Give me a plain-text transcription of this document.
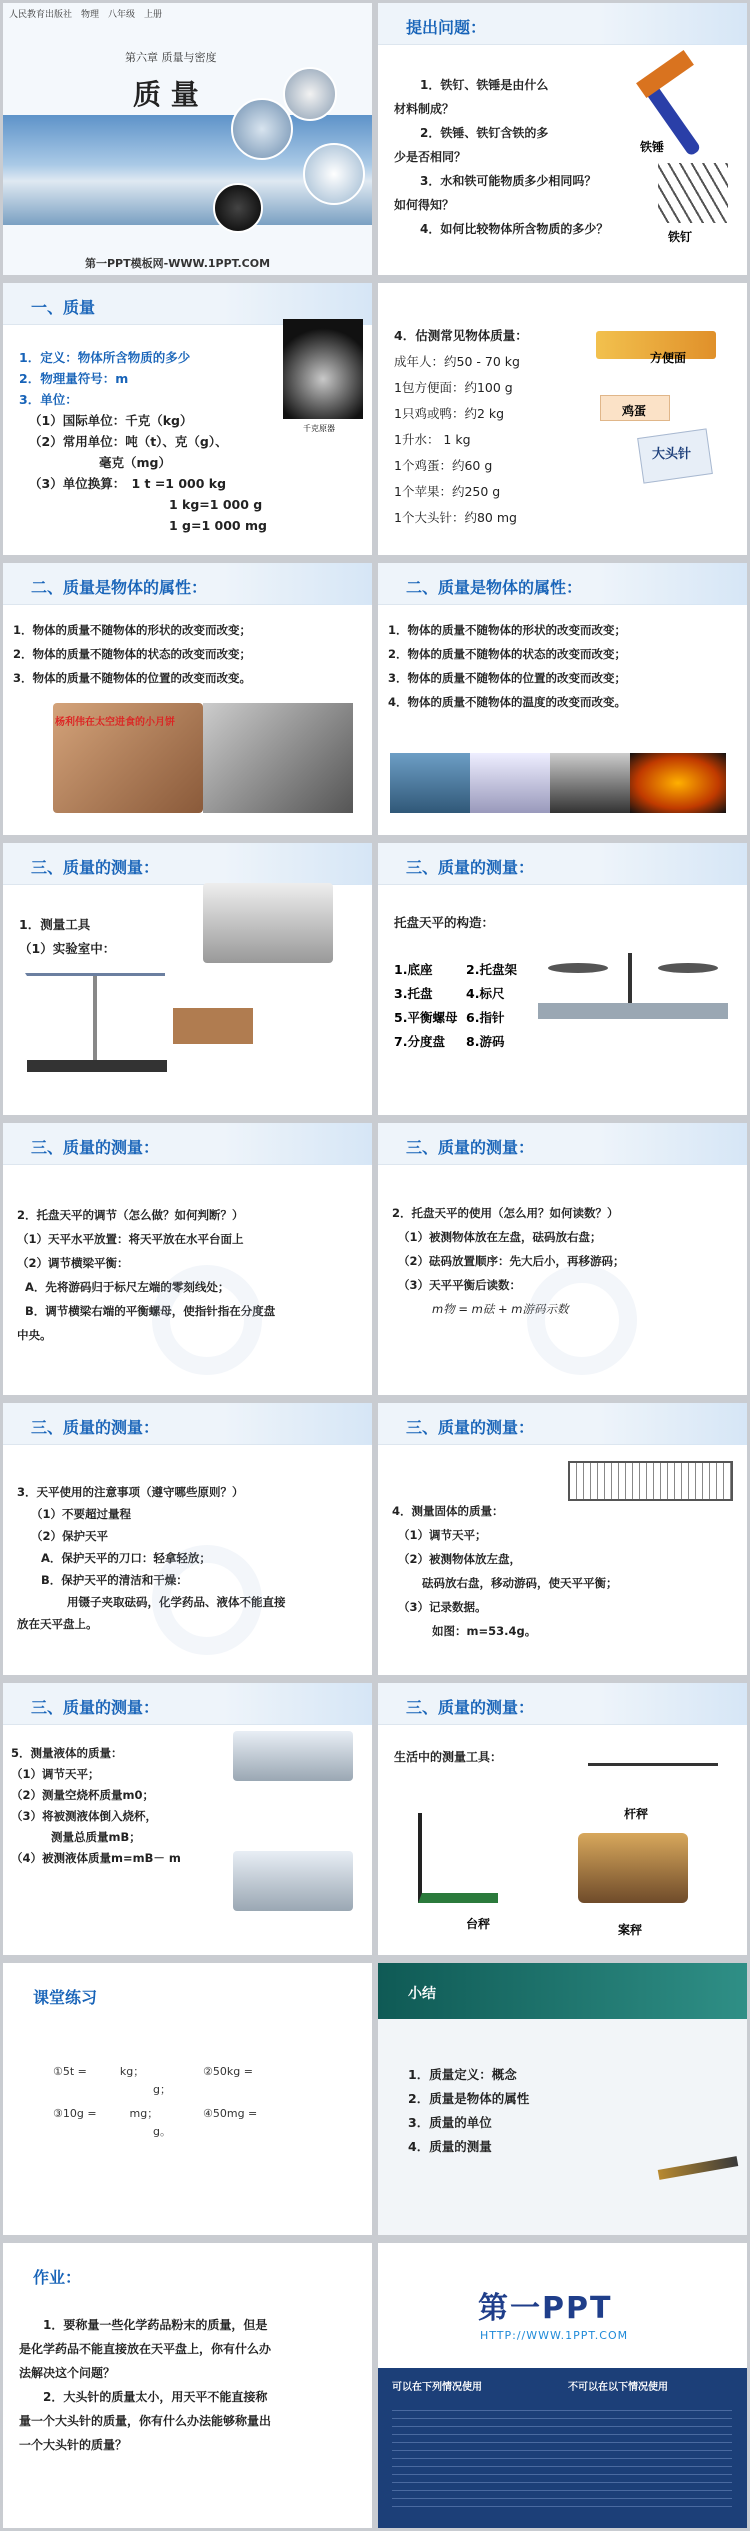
人民教育出版社　物理　八年级　上册
第六章 质量与密度
质 量
第一PPT模板网-WWW.1PPT.COM
提出问题：
1．铁钉、铁锤是由什么
材料制成？
2．铁锤、铁钉含铁的多
少是否相同？
3．水和铁可能物质多少相同吗？
如何得知？
4．如何比较物体所含物质的多少？
铁锤
铁钉
一、质量
1．定义：物体所含物质的多少
2．物理量符号：m
3．单位：
（1）国际单位：千克（kg）
（2）常用单位：吨（t）、克（g）、
毫克（mg）
（3）单位换算：　1 t =1 000 kg
1 kg=1 000 g
1 g=1 000 mg
千克原器
4．估测常见物体质量：
成年人：约50 - 70 kg
1包方便面：约100 g
1只鸡或鸭：约2 kg
1升水： 1 kg
1个鸡蛋：约60 g
1个苹果：约250 g
1个大头针：约80 mg
方便面
鸡蛋
大头针
二、质量是物体的属性：
1．物体的质量不随物体的形状的改变而改变；
2．物体的质量不随物体的状态的改变而改变；
3．物体的质量不随物体的位置的改变而改变。
杨利伟在太空进食的小月饼
二、质量是物体的属性：
1．物体的质量不随物体的形状的改变而改变；
2．物体的质量不随物体的状态的改变而改变；
3．物体的质量不随物体的位置的改变而改变；
4．物体的质量不随物体的温度的改变而改变。
三、质量的测量：
1．测量工具
（1）实验室中：
三、质量的测量：
托盘天平的构造：
1.底座	2.托盘架
3.托盘	4.标尺
5.平衡螺母 6.指针
7.分度盘 8.游码
三、质量的测量：
2．托盘天平的调节（怎么做？如何判断？）
（1）天平水平放置：将天平放在水平台面上
（2）调节横梁平衡：
A．先将游码归于标尺左端的零刻线处；
B．调节横梁右端的平衡螺母，使指针指在分度盘
中央。
三、质量的测量：
2．托盘天平的使用（怎么用？如何读数？）
（1）被测物体放在左盘，砝码放右盘；
（2）砝码放置顺序：先大后小，再移游码；
（3）天平平衡后读数：
m物 = m砝 + m游码示数
三、质量的测量：
3．天平使用的注意事项（遵守哪些原则？）
（1）不要超过量程
（2）保护天平
A．保护天平的刀口：轻拿轻放；
B．保护天平的清洁和干燥：
用镊子夹取砝码，化学药品、液体不能直接
放在天平盘上。
三、质量的测量：
4．测量固体的质量：
（1）调节天平；
（2）被测物体放左盘，
砝码放右盘，移动游码，使天平平衡；
（3）记录数据。
如图：m=53.4g。
三、质量的测量：
5．测量液体的质量：
（1）调节天平；
（2）测量空烧杯质量m0；
（3）将被测液体倒入烧杯，
测量总质量mB；
（4）被测液体质量m=mB－ m
三、质量的测量：
生活中的测量工具：
杆秤
台秤	案秤
课堂练习
①5t =　　　kg；	②50kg =　　　
g；
③10g =　　　mg；	④50mg =　　
g。
小结
1．质量定义：概念
2．质量是物体的属性
3．质量的单位
4．质量的测量
作业：
1．要称量一些化学药品粉末的质量，但是
是化学药品不能直接放在天平盘上，你有什么办
法解决这个问题？
2．大头针的质量太小，用天平不能直接称
量一个大头针的质量，你有什么办法能够称量出
一个大头针的质量？
第一PPT
HTTP://WWW.1PPT.COM
可以在下列情况使用	不可以在以下情况使用
